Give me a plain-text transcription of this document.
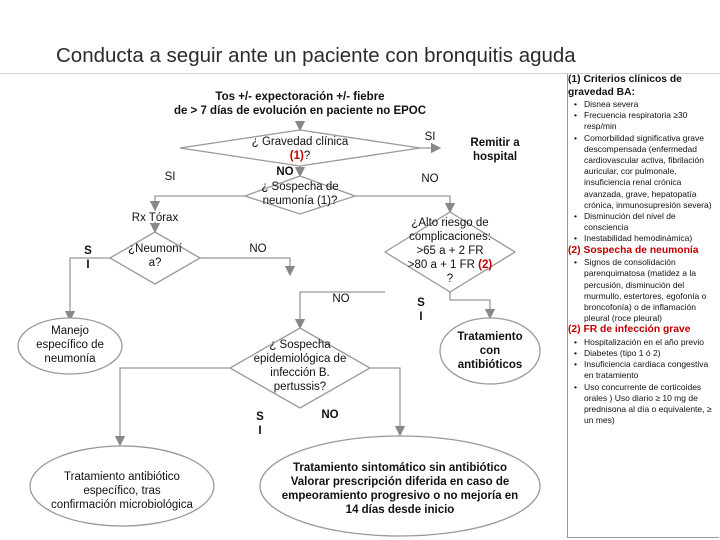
Conducta a seguir ante un paciente con bronquitis aguda
Tos +/- expectoración +/- fiebre
de > 7 días de evolución en paciente no EPOC
¿ Gravedad clínica
(1)?
SI
SI	NO
¿ Sospecha de
neumonía (1)?
Remitir a
hospital
NO
Rx Tórax
¿Neumoní
a?
S
I
NO
¿Alto riesgo de
complicaciones:
>65 a + 2 FR
>80 a + 1 FR (2)
?
NO	S
I
Manejo
específico de
neumonía
Tratamiento
con
antibióticos
¿ Sospecha
epidemiológica de
infección B.
pertussis?
S
I
NO
Tratamiento antibiótico
específico, tras
confirmación microbiológica
Tratamiento sintomático sin antibiótico
Valorar prescripción diferida en caso de
empeoramiento progresivo o no mejoría en
14 días desde inicio
(1) Criterios clínicos de gravedad BA:
• Disnea severa
• Frecuencia respiratoria ≥30 resp/min
• Comorbilidad significativa grave descompensada (enfermedad cardiovascular activa, fibrilación auricular, cor pulmonale, insuficiencia renal crónica avanzada, grave, hepatopatía crónica, inmunosupresión severa)
• Disminución del nivel de consciencia
• Inestabilidad hemodinámica)
(2) Sospecha de neumonía
• Signos de consolidación parenquimatosa (matidez a la percusión, disminución del murmullo, estertores, egofonía o broncofonía) o de inflamación pleural (roce pleural)
(2) FR de infección grave
• Hospitalización en el año previo
• Diabetes (tipo 1 ó 2)
• Insuficiencia cardiaca congestiva en tratamiento
• Uso concurrente de corticoides orales ) Uso diario ≥ 10 mg de prednisona al día o equivalente, ≥ un mes)
